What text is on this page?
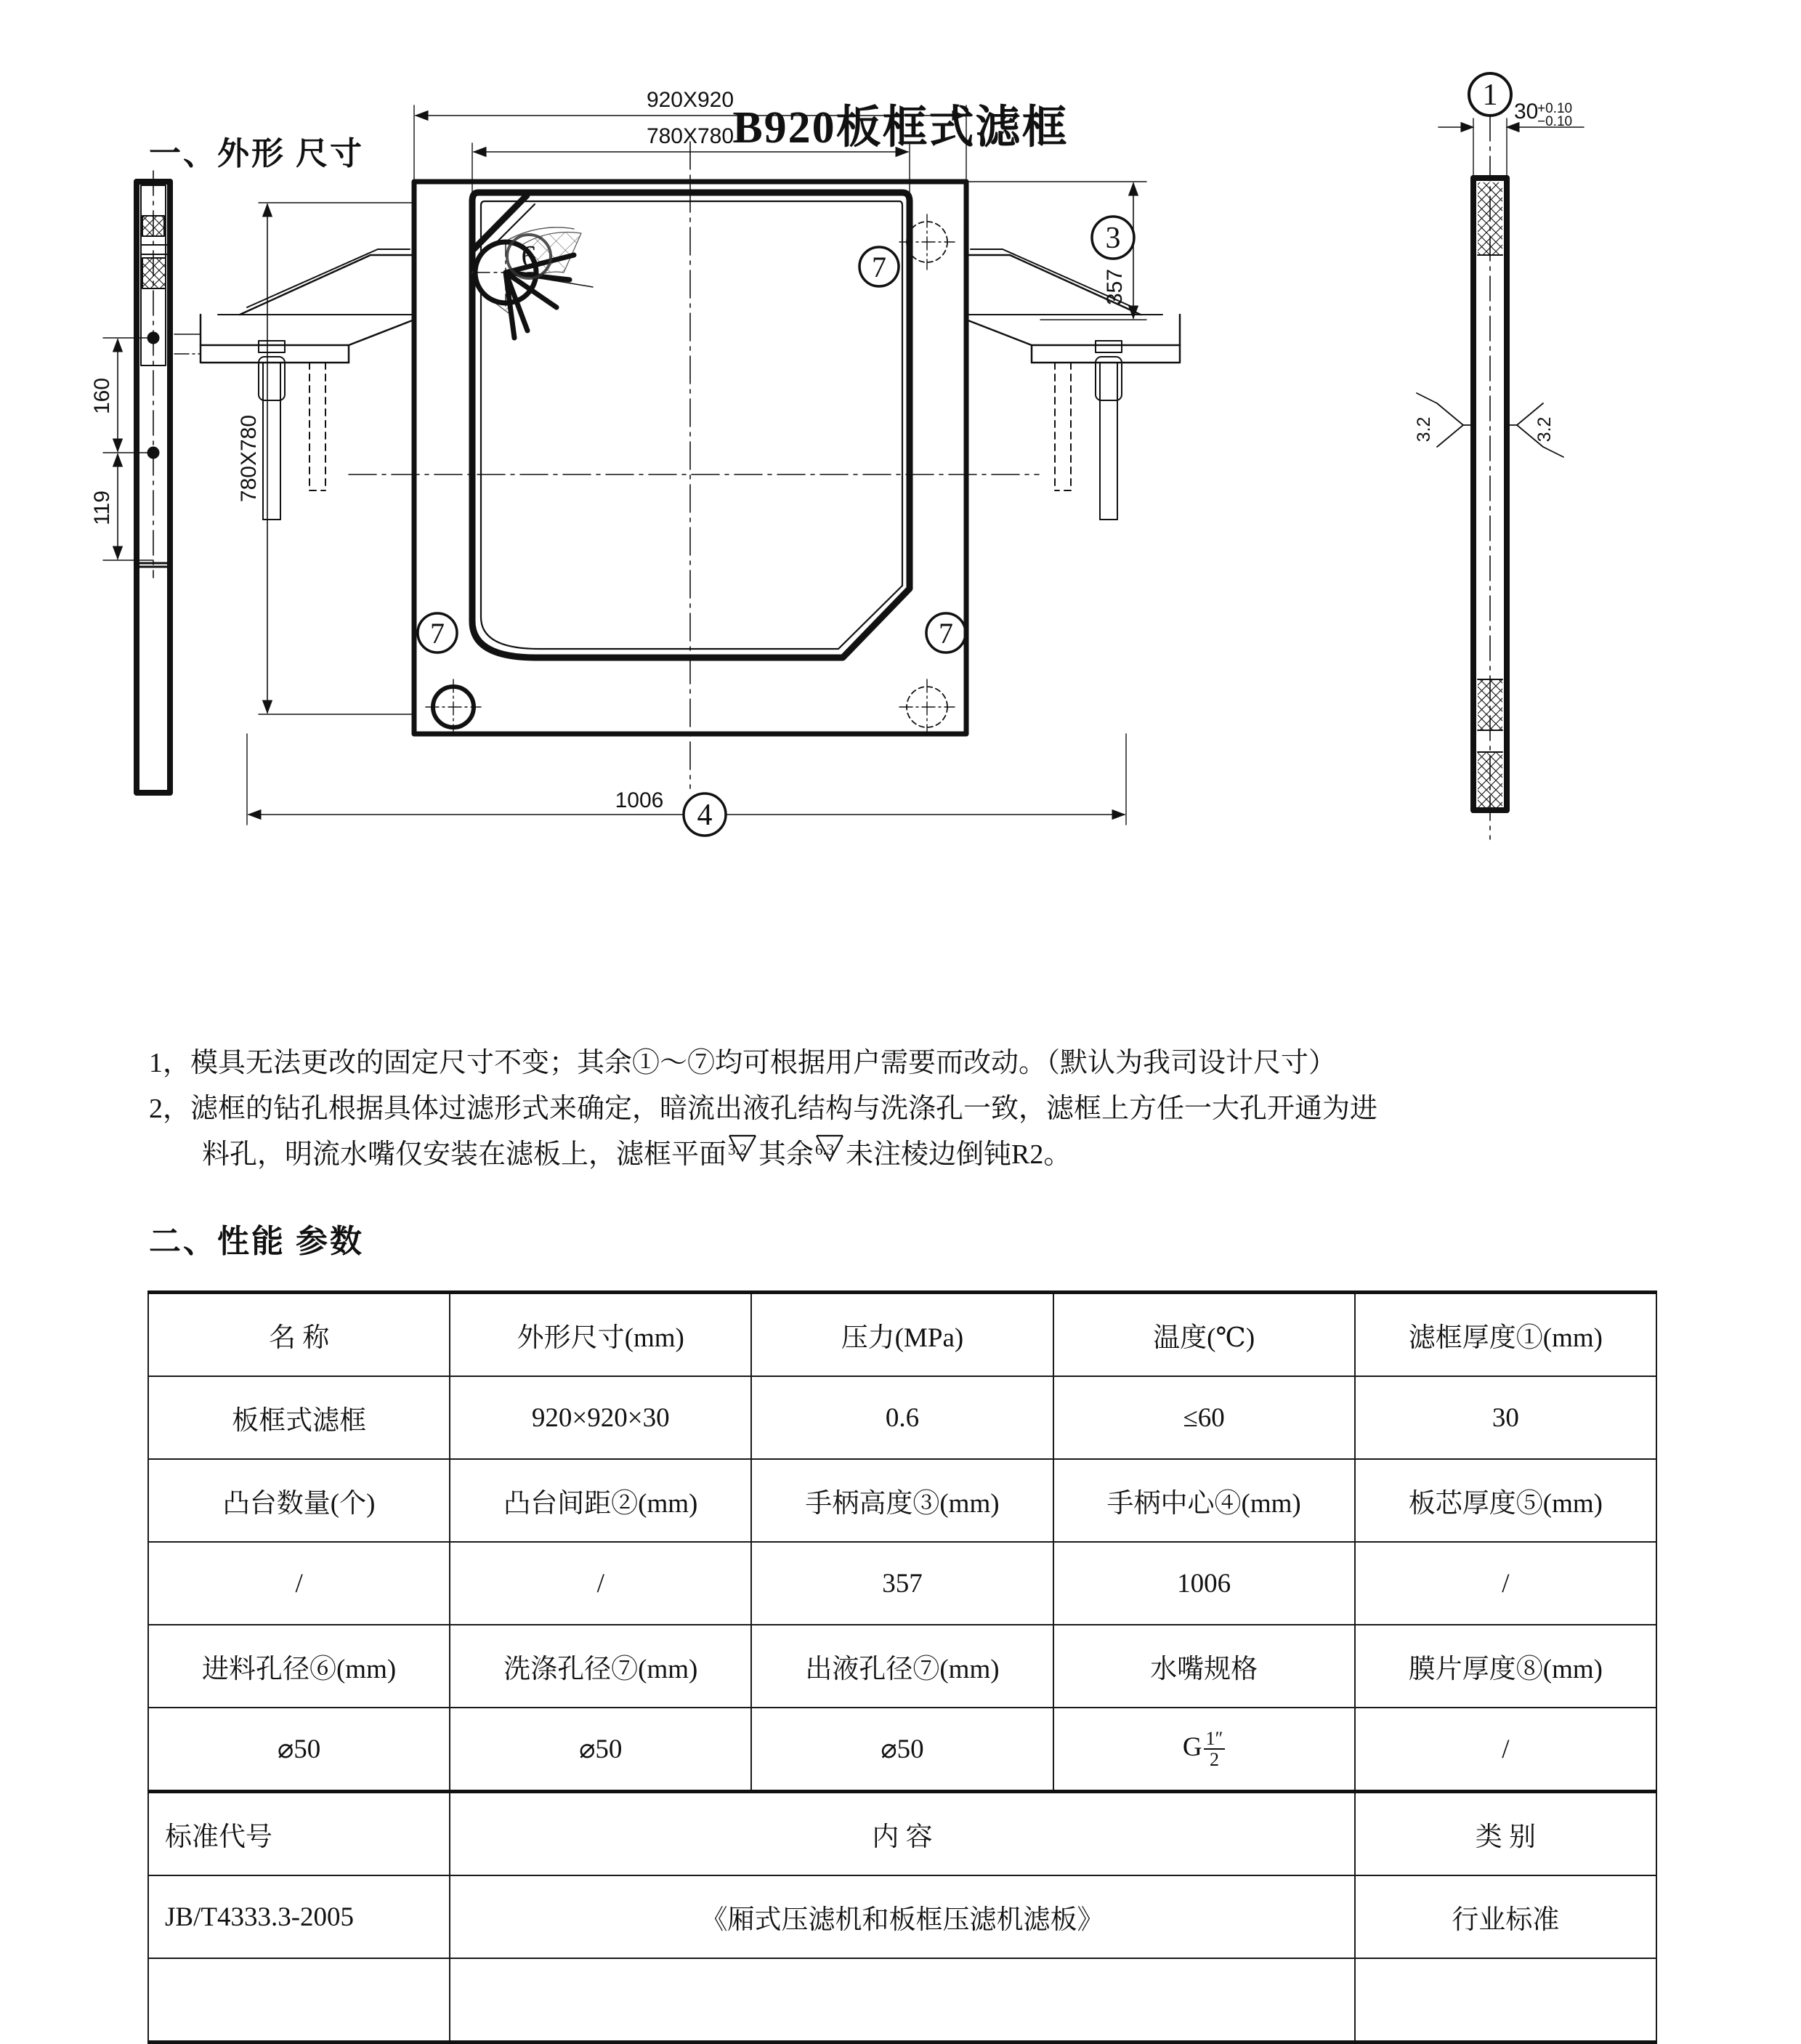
B920板框式滤框
一、外形 尺寸
160
119
6	7
7	7
920X920
780X780
780X780
357
3
1006 4
1 30
+0.10
−0.10
3.2	3.2
1，模具无法更改的固定尺寸不变；其余①～⑦均可根据用户需要而改动。（默认为我司设计尺寸）
2，滤框的钻孔根据具体过滤形式来确定，暗流出液孔结构与洗涤孔一致，滤框上方任一大孔开通为进
料孔，明流水嘴仅安装在滤板上，滤框平面 3.2 其余 6.3 未注棱边倒钝R2。
二、性能 参数
名 称	外形尺寸(mm)	压力(MPa)	温度(℃)	滤框厚度①(mm)
板框式滤框	920×920×30	0.6	≤60	30
凸台数量(个)	凸台间距②(mm)	手柄高度③(mm)	手柄中心④(mm)	板芯厚度⑤(mm)
/	/	357	1006	/
进料孔径⑥(mm)	洗涤孔径⑦(mm)	出液孔径⑦(mm)	水嘴规格	膜片厚度⑧(mm)
⌀50	⌀50	⌀50	G $\frac{1''}{2}$	/
标准代号	内 容			类 别
JB/T4333.3-2005	《厢式压滤机和板框压滤机滤板》			行业标准
